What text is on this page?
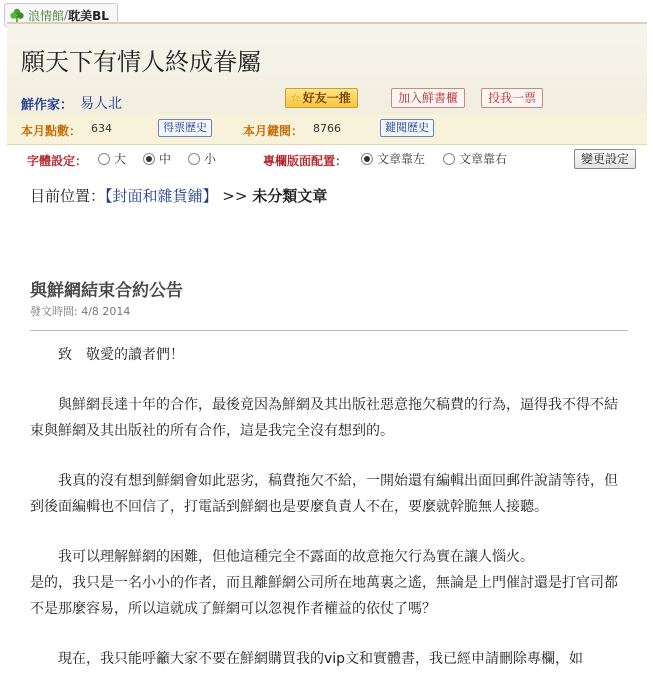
浪情館 / 耽美BL
願天下有情人終成眷屬
鮮作家： 易人北	☆ 好友一推	加入鮮書櫃	投我一票
本月點數： 634	得票歷史	本月鍵閱： 8766	鍵閱歷史
字體設定： 大	中	小	專欄版面配置： 文章靠左	文章靠右	變更設定
目前位置：【封面和雜貨鋪】 >> 未分類文章
與鮮網結束合約公告
發文時間: 4/8 2014

致　敬愛的讀者們！

與鮮網長達十年的合作，最後竟因為鮮網及其出版社惡意拖欠稿費的行為，逼得我不得不結束與鮮網及其出版社的所有合作，這是我完全沒有想到的。

我真的沒有想到鮮網會如此惡劣，稿費拖欠不給，一開始還有編輯出面回郵件說請等待，但到後面編輯也不回信了，打電話到鮮網也是要麼負責人不在，要麼就幹脆無人接聽。

我可以理解鮮網的困難，但他這種完全不露面的故意拖欠行為實在讓人惱火。
是的，我只是一名小小的作者，而且離鮮網公司所在地萬裏之遙，無論是上門催討還是打官司都不是那麼容易，所以這就成了鮮網可以忽視作者權益的依仗了嗎？

現在，我只能呼籲大家不要在鮮網購買我的vip文和實體書，我已經申請刪除專欄，如
